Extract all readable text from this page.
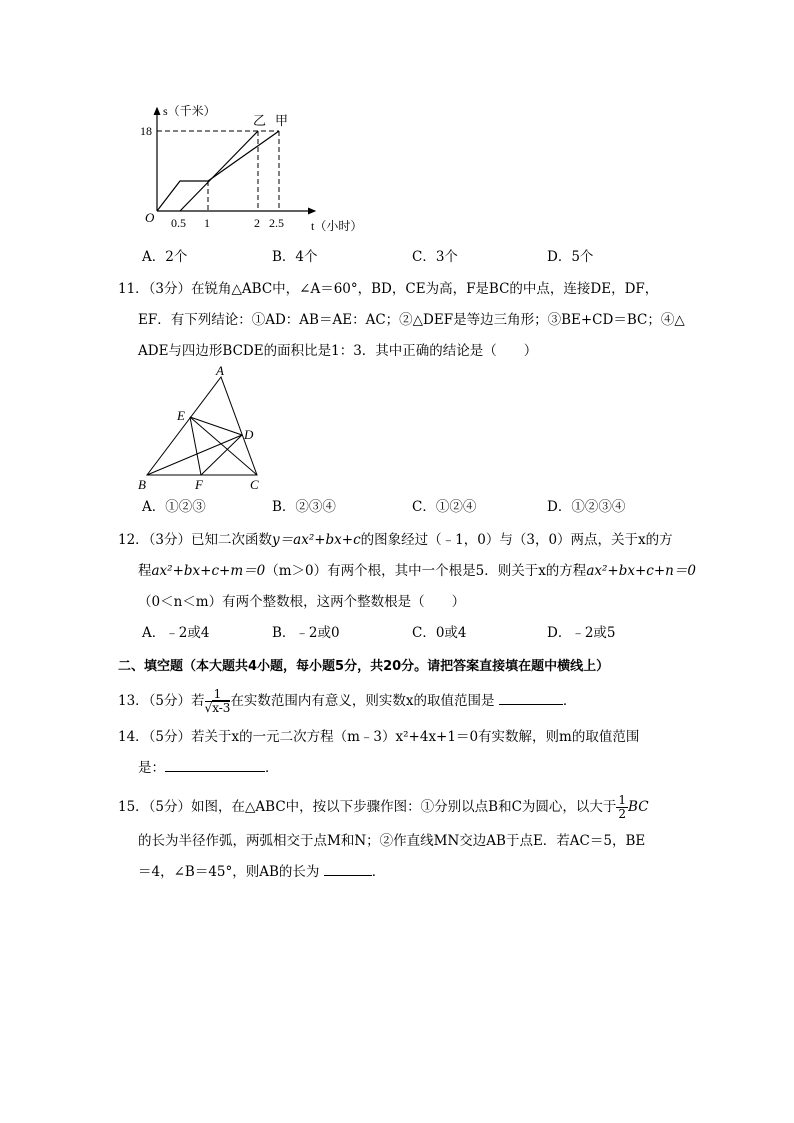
s（千米）
18
O 0.5 1	2 2.5 t（小时）
乙 甲
A．2个	B．4个	C．3个	D．5个
11．（3分）在锐角△ABC中，∠A＝60°，BD，CE为高，F是BC的中点，连接DE，DF，
EF．有下列结论：①AD：AB＝AE：AC；②△DEF是等边三角形；③BE+CD＝BC；④△
ADE与四边形BCDE的面积比是1：3．其中正确的结论是（　　）
A
B	C
E
D
F
A．①②③	B．②③④	C．①②④	D．①②③④
12．（3分）已知二次函数y＝ax²+bx+c的图象经过（﹣1，0）与（3，0）两点，关于x的方
程ax²+bx+c+m＝0（m＞0）有两个根，其中一个根是5．则关于x的方程ax²+bx+c+n＝0
（0＜n＜m）有两个整数根，这两个整数根是（　　）
A．﹣2或4	B．﹣2或0	C．0或4	D．﹣2或5
二、填空题（本大题共4小题，每小题5分，共20分。请把答案直接填在题中横线上）
13．（5分）若 $\frac{1}{√x-3}$ 在实数范围内有意义，则实数x的取值范围是	．
14．（5分）若关于x的一元二次方程（m﹣3）x²+4x+1＝0有实数解，则m的取值范围
是：	．
15．（5分）如图，在△ABC中，按以下步骤作图：①分别以点B和C为圆心，以大于 $\frac{1}{2}$ BC
的长为半径作弧，两弧相交于点M和N；②作直线MN交边AB于点E．若AC＝5，BE
＝4，∠B＝45°，则AB的长为	．
